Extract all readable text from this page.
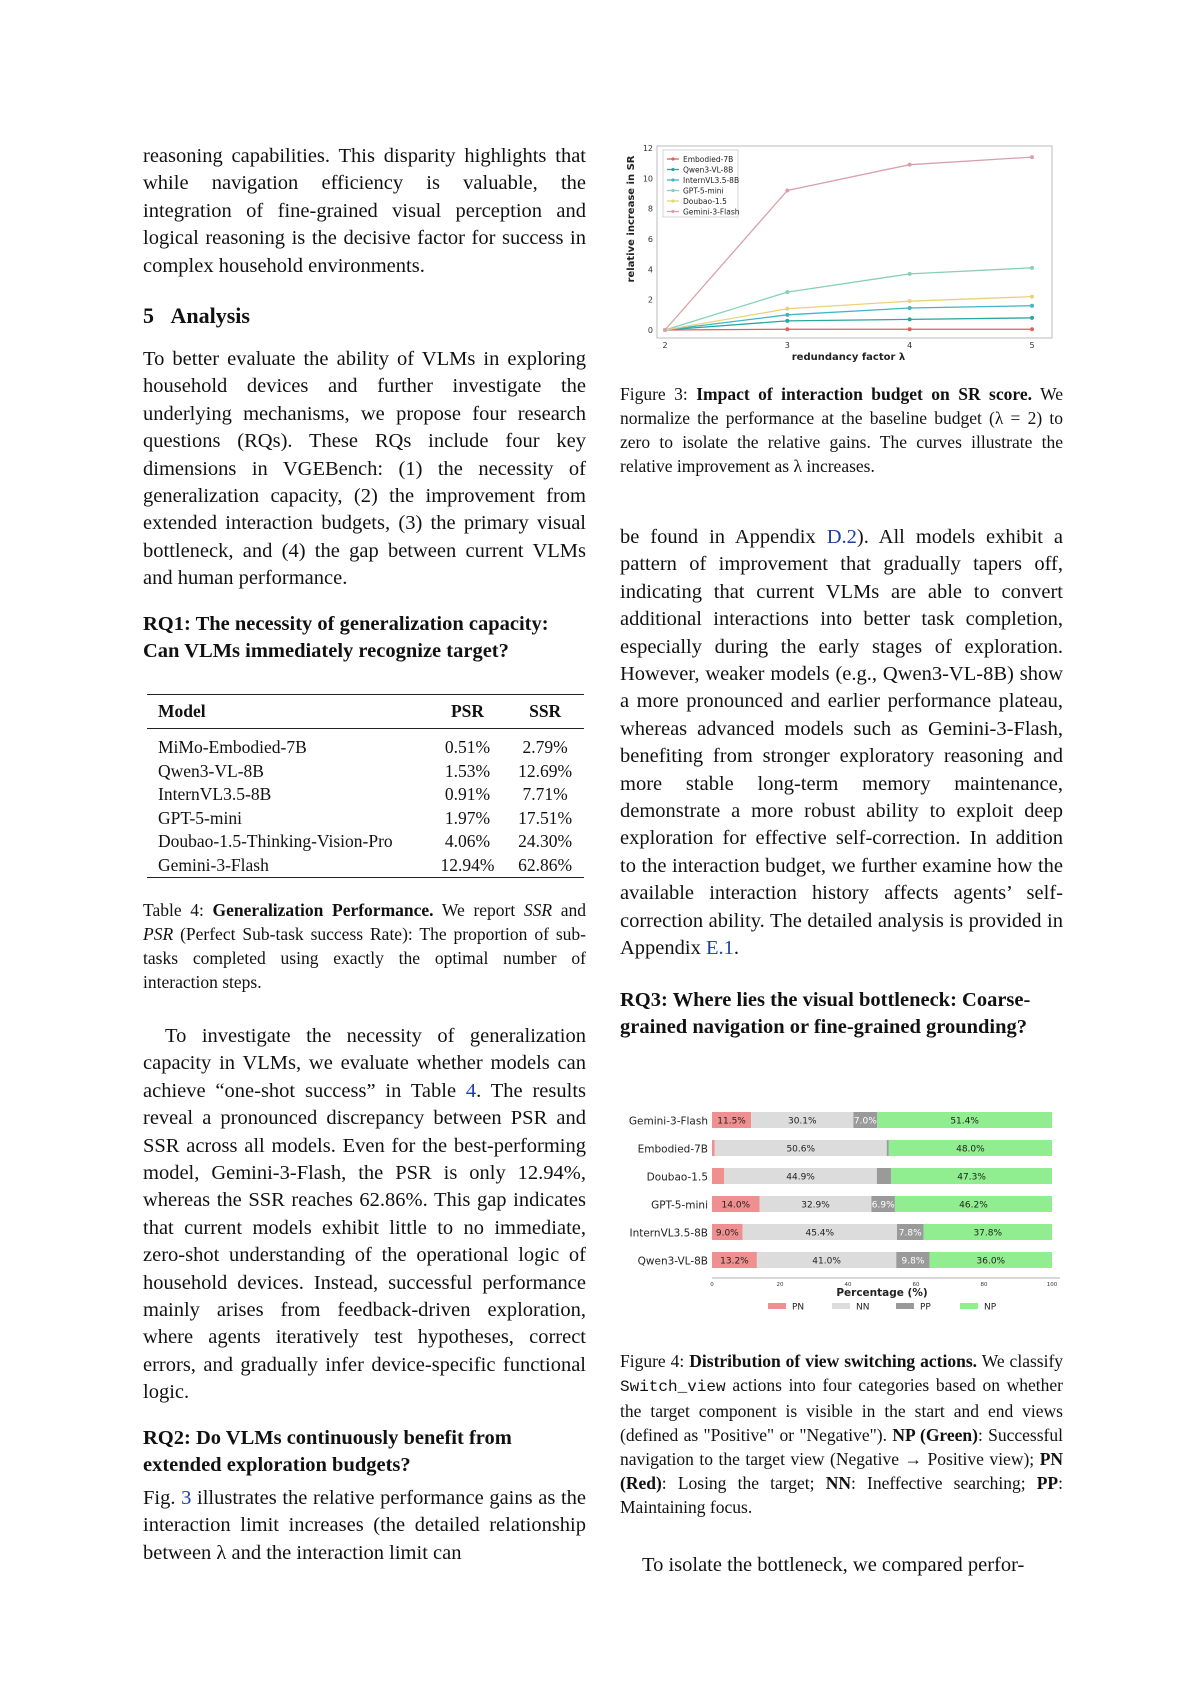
reasoning capabilities. This disparity highlights that while navigation efficiency is valuable, the integration of fine-grained visual perception and logical reasoning is the decisive factor for success in complex household environments.

5 Analysis

To better evaluate the ability of VLMs in exploring household devices and further investigate the underlying mechanisms, we propose four research questions (RQs). These RQs include four key dimensions in VGEBench: (1) the necessity of generalization capacity, (2) the improvement from extended interaction budgets, (3) the primary visual bottleneck, and (4) the gap between current VLMs and human performance.

RQ1: The necessity of generalization capacity: Can VLMs immediately recognize target?
Model	PSR	SSR
MiMo-Embodied-7B	0.51%	2.79%
Qwen3-VL-8B	1.53%	12.69%
InternVL3.5-8B	0.91%	7.71%
GPT-5-mini	1.97%	17.51%
Doubao-1.5-Thinking-Vision-Pro	4.06%	24.30%
Gemini-3-Flash	12.94%	62.86%

Table 4: Generalization Performance. We report SSR and PSR (Perfect Sub-task success Rate): The proportion of sub-tasks completed using exactly the optimal number of interaction steps.

To investigate the necessity of generalization capacity in VLMs, we evaluate whether models can achieve “one-shot success” in Table 4. The results reveal a pronounced discrepancy between PSR and SSR across all models. Even for the best-performing model, Gemini-3-Flash, the PSR is only 12.94%, whereas the SSR reaches 62.86%. This gap indicates that current models exhibit little to no immediate, zero-shot understanding of the operational logic of household devices. Instead, successful performance mainly arises from feedback-driven exploration, where agents iteratively test hypotheses, correct errors, and gradually infer device-specific functional logic.

RQ2: Do VLMs continuously benefit from extended exploration budgets?

Fig. 3 illustrates the relative performance gains as the interaction limit increases (the detailed relationship between λ and the interaction limit can

0
2
4
6
8
10
12
2	3	4	5
redundancy factor λ
relative increase in SR	Embodied-7B
Qwen3-VL-8B
InternVL3.5-8B
GPT-5-mini
Doubao-1.5
Gemini-3-Flash

Figure 3: Impact of interaction budget on SR score. We normalize the performance at the baseline budget (λ = 2) to zero to isolate the relative gains. The curves illustrate the relative improvement as λ increases.

be found in Appendix D.2). All models exhibit a pattern of improvement that gradually tapers off, indicating that current VLMs are able to convert additional interactions into better task completion, especially during the early stages of exploration. However, weaker models (e.g., Qwen3-VL-8B) show a more pronounced and earlier performance plateau, whereas advanced models such as Gemini-3-Flash, benefiting from stronger exploratory reasoning and more stable long-term memory maintenance, demonstrate a more robust ability to exploit deep exploration for effective self-correction. In addition to the interaction budget, we further examine how the available interaction history affects agents’ self-correction ability. The detailed analysis is provided in Appendix E.1.

RQ3: Where lies the visual bottleneck: Coarse-grained navigation or fine-grained grounding?
Gemini-3-Flash 11.5%	30.1%	7.0%	51.4%
Embodied-7B	50.6%	48.0%
Doubao-1.5	44.9%	47.3%
GPT-5-mini 14.0%	32.9%	6.9%	46.2%
InternVL3.5-8B 9.0%	45.4%	7.8%	37.8%
Qwen3-VL-8B 13.2%	41.0%	9.8%	36.0%
0	20	40	60	80	100
Percentage (%)
PN	NN	PP	NP

Figure 4: Distribution of view switching actions. We classify Switch_view actions into four categories based on whether the target component is visible in the start and end views (defined as "Positive" or "Negative"). NP (Green): Successful navigation to the target view (Negative → Positive view); PN (Red): Losing the target; NN: Ineffective searching; PP: Maintaining focus.

To isolate the bottleneck, we compared perfor-
